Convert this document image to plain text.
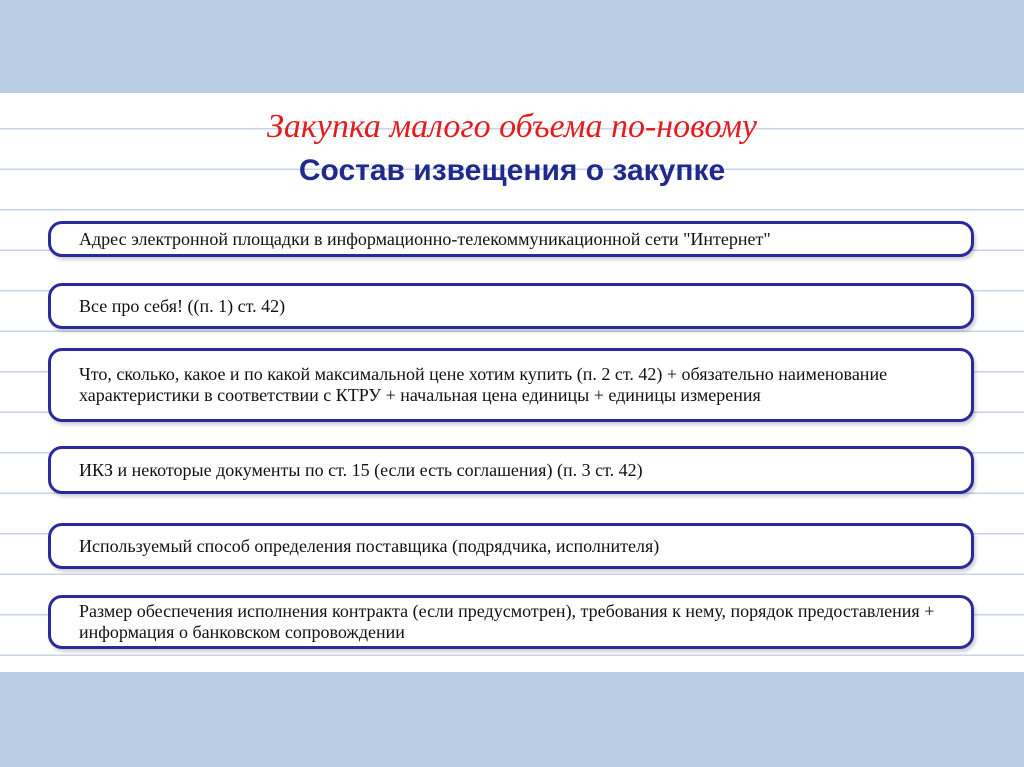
Закупка малого объема по-новому
Состав извещения о закупке
Адрес электронной площадки в информационно-телекоммуникационной сети "Интернет"
Все про себя! ((п. 1) ст. 42)
Что, сколько, какое и по какой максимальной цене хотим купить (п. 2 ст. 42) + обязательно наименование характеристики в соответствии с КТРУ + начальная цена единицы + единицы измерения
ИКЗ и некоторые документы по ст. 15 (если есть соглашения) (п. 3 ст. 42)
Используемый способ определения поставщика (подрядчика, исполнителя)
Размер обеспечения исполнения контракта (если предусмотрен), требования к нему, порядок предоставления + информация о банковском сопровождении
